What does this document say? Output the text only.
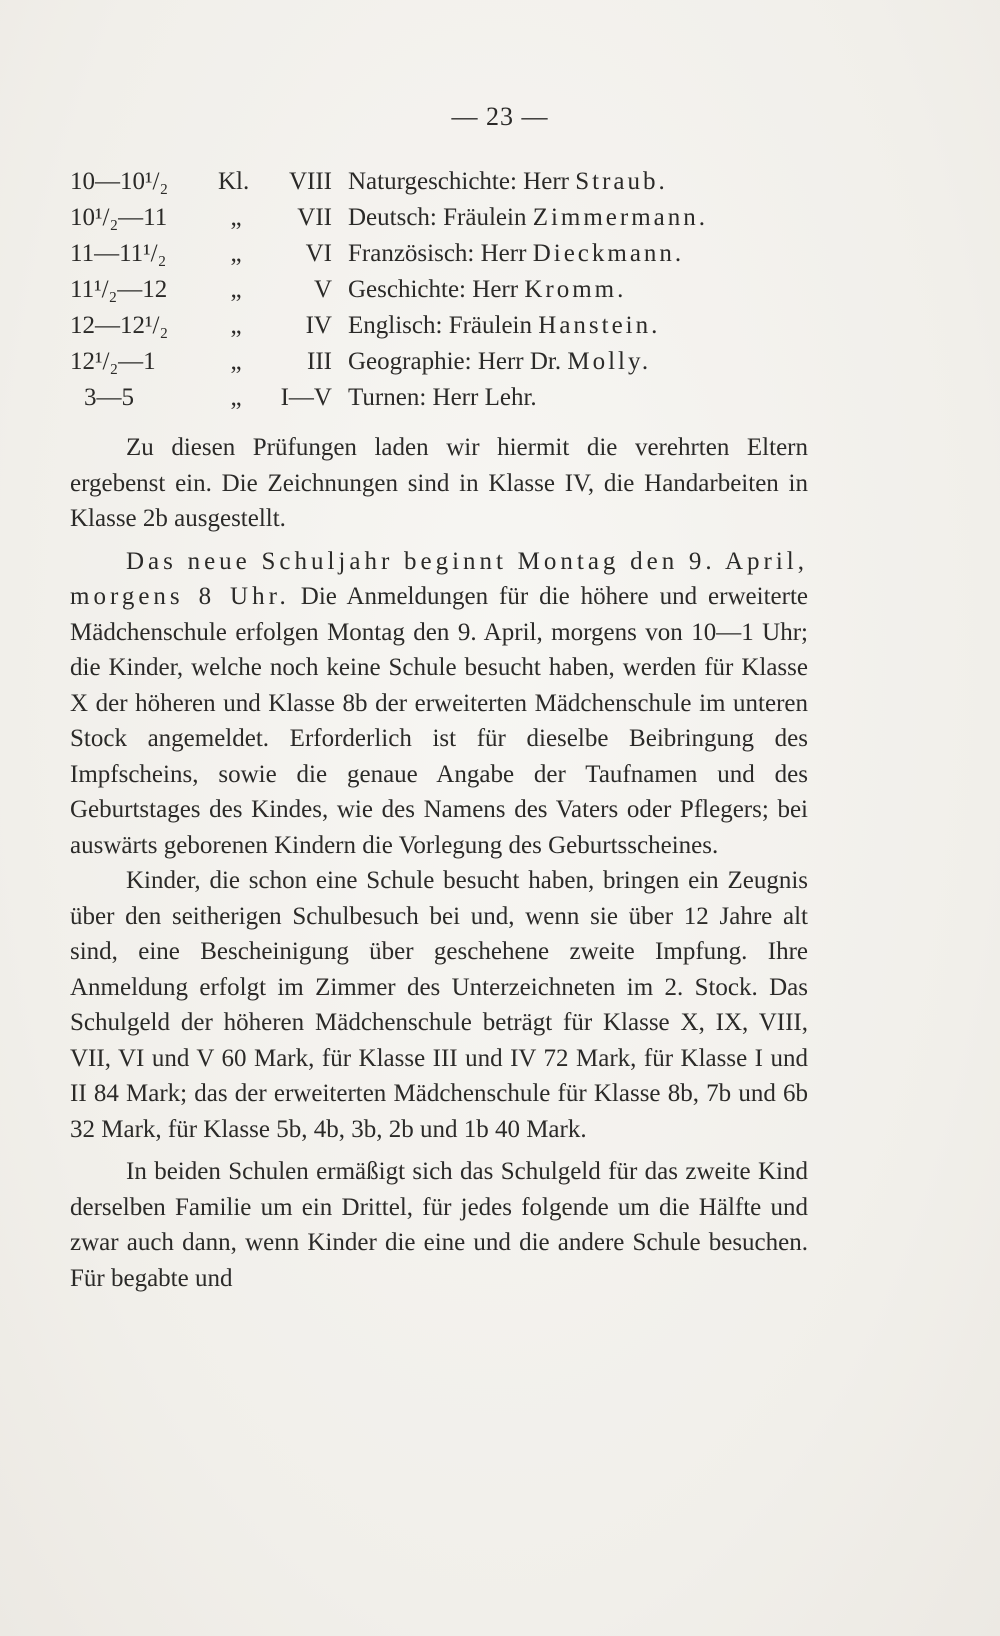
— 23 —
10—10¹/₂ Kl.	VIII Naturgeschichte: Herr Straub.
10¹/₂—11	„	VII Deutsch: Fräulein Zimmermann.
11—11¹/₂	„	VI Französisch: Herr Dieckmann.
11¹/₂—12	„	V Geschichte: Herr Kromm.
12—12¹/₂	„	IV Englisch: Fräulein Hanstein.
12¹/₂—1	„	III Geographie: Herr Dr. Molly.
3—5	„	I—V Turnen: Herr Lehr.

Zu diesen Prüfungen laden wir hiermit die verehrten Eltern ergebenst ein. Die Zeichnungen sind in Klasse IV, die Handarbeiten in Klasse 2b ausgestellt.

Das neue Schuljahr beginnt Montag den 9. April, morgens 8 Uhr. Die Anmeldungen für die höhere und erweiterte Mädchenschule erfolgen Montag den 9. April, morgens von 10—1 Uhr; die Kinder, welche noch keine Schule besucht haben, werden für Klasse X der höheren und Klasse 8b der erweiterten Mädchenschule im unteren Stock angemeldet. Erforderlich ist für dieselbe Beibringung des Impfscheins, sowie die genaue Angabe der Taufnamen und des Geburtstages des Kindes, wie des Namens des Vaters oder Pflegers; bei auswärts geborenen Kindern die Vorlegung des Geburtsscheines.

Kinder, die schon eine Schule besucht haben, bringen ein Zeugnis über den seitherigen Schulbesuch bei und, wenn sie über 12 Jahre alt sind, eine Bescheinigung über geschehene zweite Impfung. Ihre Anmeldung erfolgt im Zimmer des Unterzeichneten im 2. Stock. Das Schulgeld der höheren Mädchenschule beträgt für Klasse X, IX, VIII, VII, VI und V 60 Mark, für Klasse III und IV 72 Mark, für Klasse I und II 84 Mark; das der erweiterten Mädchenschule für Klasse 8b, 7b und 6b 32 Mark, für Klasse 5b, 4b, 3b, 2b und 1b 40 Mark.

In beiden Schulen ermäßigt sich das Schulgeld für das zweite Kind derselben Familie um ein Drittel, für jedes folgende um die Hälfte und zwar auch dann, wenn Kinder die eine und die andere Schule besuchen. Für begabte und
